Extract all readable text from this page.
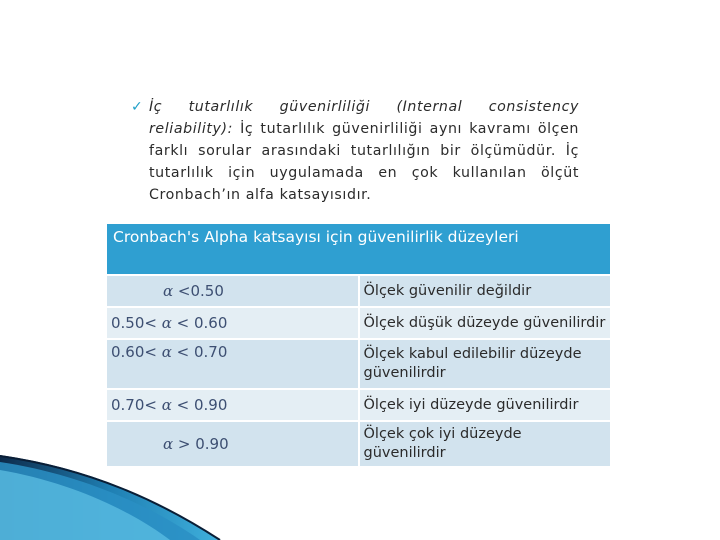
✓ İç tutarlılık güvenirliliği (Internal consistency reliability): İç tutarlılık güvenirliliği aynı kavramı ölçen farklı sorular arasındaki tutarlılığın bir ölçümüdür. İç tutarlılık için uygulamada en çok kullanılan ölçüt Cronbach’ın alfa katsayısıdır.
Cronbach's Alpha katsayısı için güvenilirlik düzeyleri	
α <0.50	Ölçek güvenilir değildir
0.50< α < 0.60	Ölçek düşük düzeyde güvenilirdir
0.60< α < 0.70	Ölçek kabul edilebilir düzeyde güvenilirdir
0.70< α < 0.90	Ölçek iyi düzeyde güvenilirdir
α > 0.90	Ölçek çok iyi düzeyde güvenilirdir
